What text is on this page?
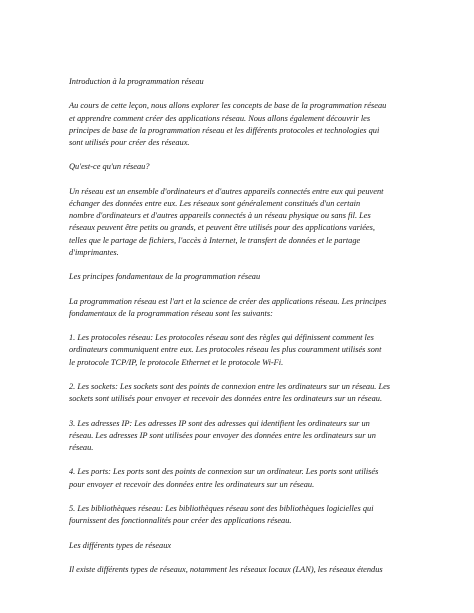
Introduction à la programmation réseau

Au cours de cette leçon, nous allons explorer les concepts de base de la programmation réseau
et apprendre comment créer des applications réseau. Nous allons également découvrir les
principes de base de la programmation réseau et les différents protocoles et technologies qui
sont utilisés pour créer des réseaux.

Qu'est-ce qu'un réseau?

Un réseau est un ensemble d'ordinateurs et d'autres appareils connectés entre eux qui peuvent
échanger des données entre eux. Les réseaux sont généralement constitués d'un certain
nombre d'ordinateurs et d'autres appareils connectés à un réseau physique ou sans fil. Les
réseaux peuvent être petits ou grands, et peuvent être utilisés pour des applications variées,
telles que le partage de fichiers, l'accès à Internet, le transfert de données et le partage
d'imprimantes.

Les principes fondamentaux de la programmation réseau

La programmation réseau est l'art et la science de créer des applications réseau. Les principes
fondamentaux de la programmation réseau sont les suivants:

1. Les protocoles réseau: Les protocoles réseau sont des règles qui définissent comment les
ordinateurs communiquent entre eux. Les protocoles réseau les plus couramment utilisés sont
le protocole TCP/IP, le protocole Ethernet et le protocole Wi-Fi.

2. Les sockets: Les sockets sont des points de connexion entre les ordinateurs sur un réseau. Les
sockets sont utilisés pour envoyer et recevoir des données entre les ordinateurs sur un réseau.

3. Les adresses IP: Les adresses IP sont des adresses qui identifient les ordinateurs sur un
réseau. Les adresses IP sont utilisées pour envoyer des données entre les ordinateurs sur un
réseau.

4. Les ports: Les ports sont des points de connexion sur un ordinateur. Les ports sont utilisés
pour envoyer et recevoir des données entre les ordinateurs sur un réseau.

5. Les bibliothèques réseau: Les bibliothèques réseau sont des bibliothèques logicielles qui
fournissent des fonctionnalités pour créer des applications réseau.

Les différents types de réseaux

Il existe différents types de réseaux, notamment les réseaux locaux (LAN), les réseaux étendus
